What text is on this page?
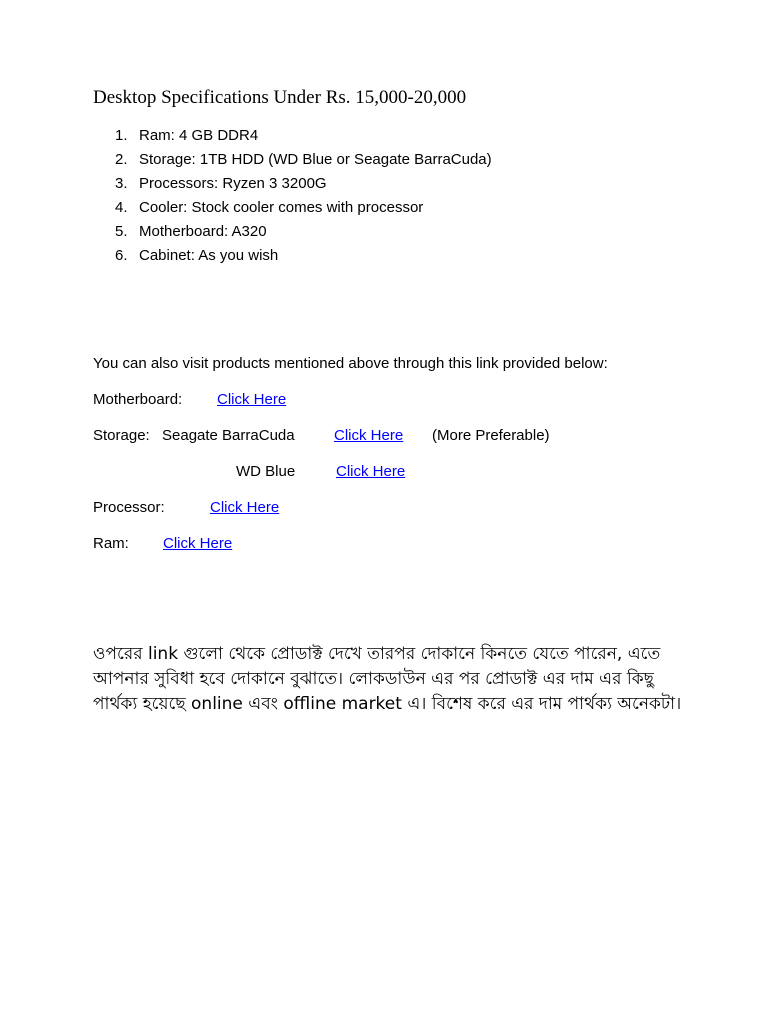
Desktop Specifications Under Rs. 15,000-20,000
1. Ram: 4 GB DDR4
2. Storage: 1TB HDD (WD Blue or Seagate BarraCuda)
3. Processors: Ryzen 3 3200G
4. Cooler: Stock cooler comes with processor
5. Motherboard: A320
6. Cabinet: As you wish
You can also visit products mentioned above through this link provided below:
Motherboard: Click Here
Storage: Seagate BarraCuda	Click Here (More Preferable)
WD Blue	Click Here
Processor:	Click Here
Ram: Click Here
ওপরের link গুলো থেকে প্রোডাক্ট দেখে তারপর দোকানে কিনতে যেতে পারেন, এতে আপনার সুবিধা হবে দোকানে বুঝাতে। লোকডাউন এর পর প্রোডাক্ট এর দাম এর কিছু পার্থক্য হয়েছে online এবং offline market এ। বিশেষ করে এর দাম পার্থক্য অনেকটা।
